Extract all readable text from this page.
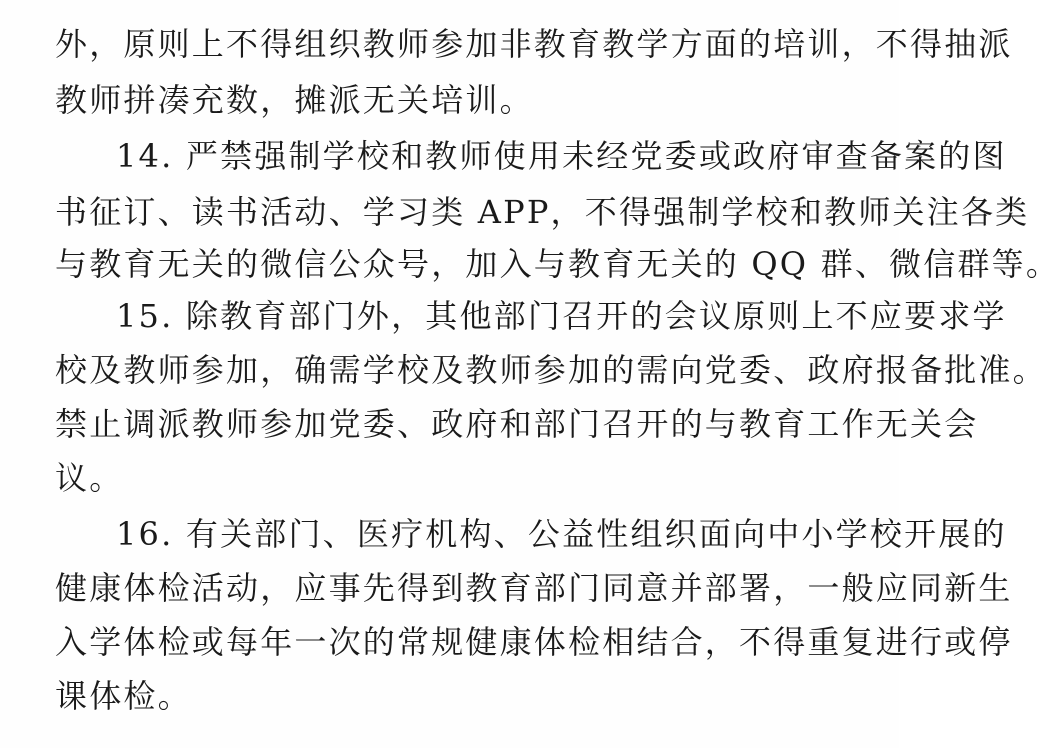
外，原则上不得组织教师参加非教育教学方面的培训，不得抽派
教师拼凑充数，摊派无关培训。
14. 严禁强制学校和教师使用未经党委或政府审查备案的图
书征订、读书活动、学习类 APP，不得强制学校和教师关注各类
与教育无关的微信公众号，加入与教育无关的 QQ 群、微信群等。
15. 除教育部门外，其他部门召开的会议原则上不应要求学
校及教师参加，确需学校及教师参加的需向党委、政府报备批准。
禁止调派教师参加党委、政府和部门召开的与教育工作无关会
议。
16. 有关部门、医疗机构、公益性组织面向中小学校开展的
健康体检活动，应事先得到教育部门同意并部署，一般应同新生
入学体检或每年一次的常规健康体检相结合，不得重复进行或停
课体检。
